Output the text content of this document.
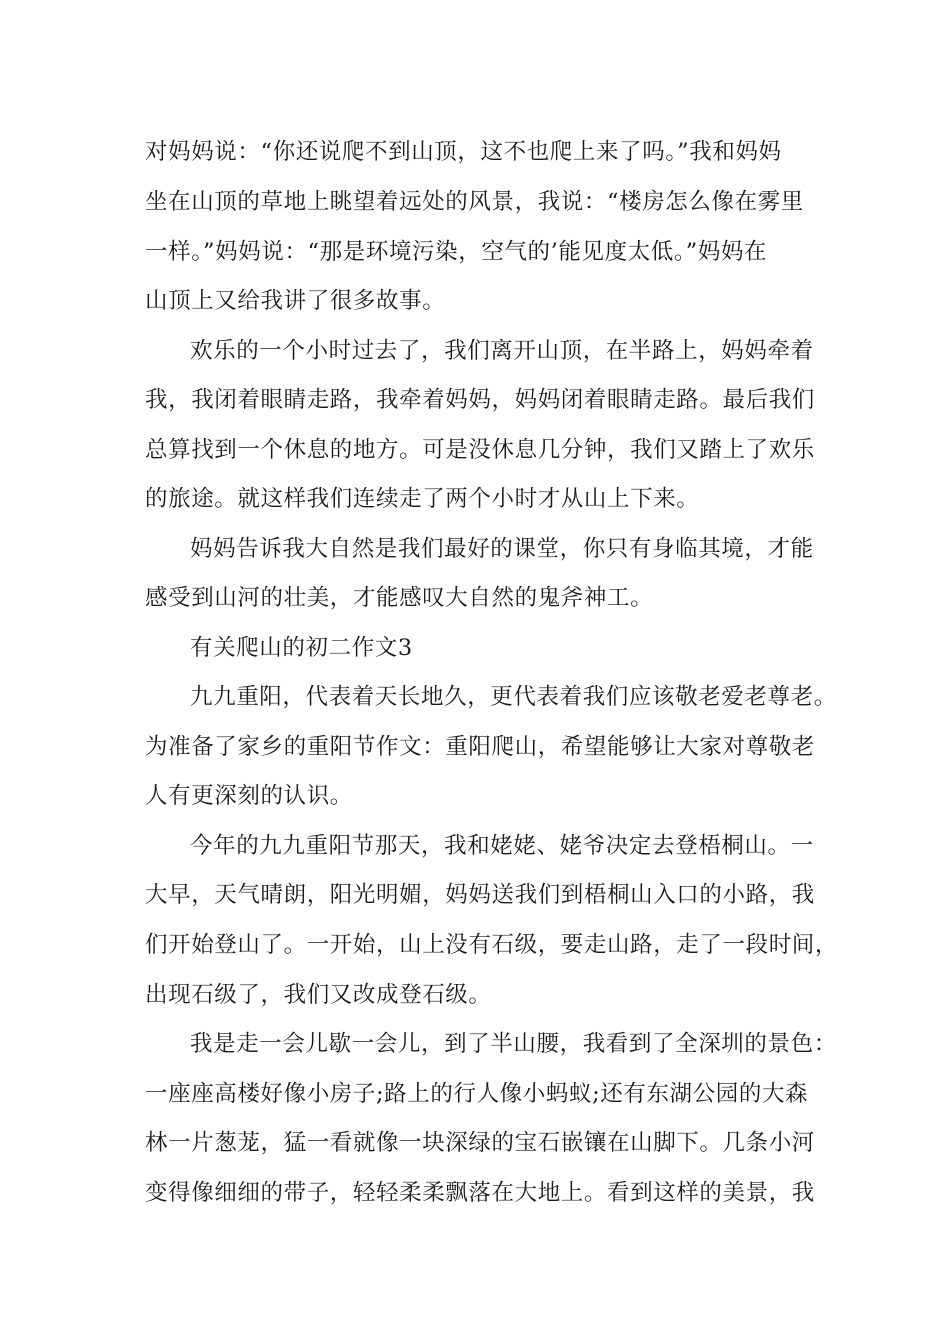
对妈妈说：“你还说爬不到山顶，这不也爬上来了吗。”我和妈妈
坐在山顶的草地上眺望着远处的风景，我说：“楼房怎么像在雾里
一样。”妈妈说：“那是环境污染，空气的’能见度太低。”妈妈在
山顶上又给我讲了很多故事。
欢乐的一个小时过去了，我们离开山顶，在半路上，妈妈牵着
我，我闭着眼睛走路，我牵着妈妈，妈妈闭着眼睛走路。最后我们
总算找到一个休息的地方。可是没休息几分钟，我们又踏上了欢乐
的旅途。就这样我们连续走了两个小时才从山上下来。
妈妈告诉我大自然是我们最好的课堂，你只有身临其境，才能
感受到山河的壮美，才能感叹大自然的鬼斧神工。
有关爬山的初二作文3
九九重阳，代表着天长地久，更代表着我们应该敬老爱老尊老。
为准备了家乡的重阳节作文：重阳爬山，希望能够让大家对尊敬老
人有更深刻的认识。
今年的九九重阳节那天，我和姥姥、姥爷决定去登梧桐山。一
大早，天气晴朗，阳光明媚，妈妈送我们到梧桐山入口的小路，我
们开始登山了。一开始，山上没有石级，要走山路，走了一段时间，
出现石级了，我们又改成登石级。
我是走一会儿歇一会儿，到了半山腰，我看到了全深圳的景色：
一座座高楼好像小房子;路上的行人像小蚂蚁;还有东湖公园的大森
林一片葱茏，猛一看就像一块深绿的宝石嵌镶在山脚下。几条小河
变得像细细的带子，轻轻柔柔飘落在大地上。看到这样的美景，我
